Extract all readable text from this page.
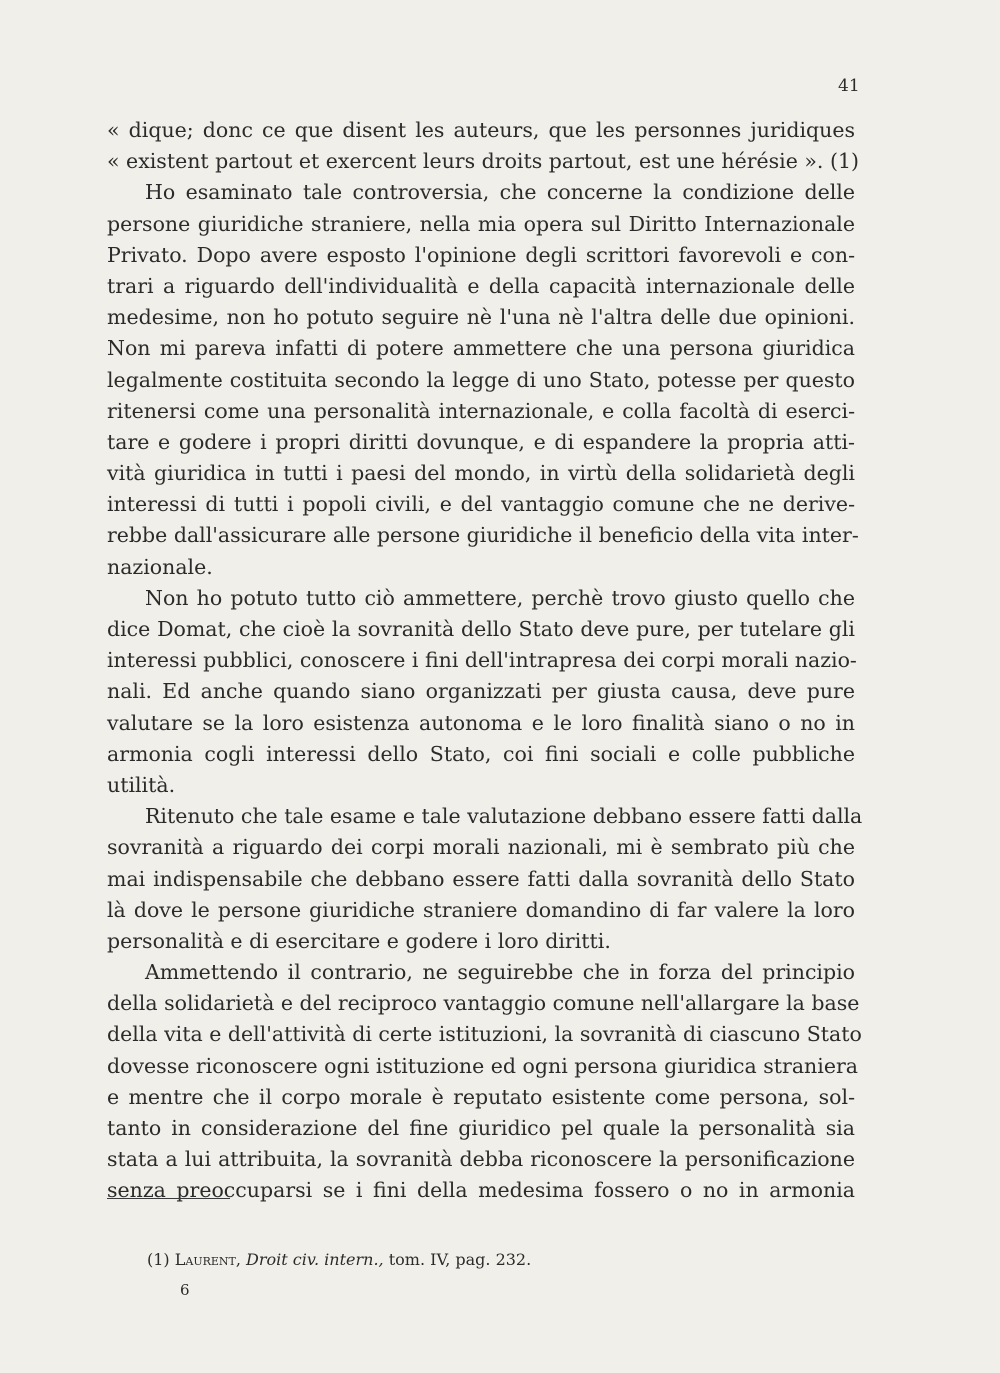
41
« dique; donc ce que disent les auteurs, que les personnes juridiques
« existent partout et exercent leurs droits partout, est une hérésie ». (1)
Ho esaminato tale controversia, che concerne la condizione delle
persone giuridiche straniere, nella mia opera sul Diritto Internazionale
Privato. Dopo avere esposto l'opinione degli scrittori favorevoli e con-
trari a riguardo dell'individualità e della capacità internazionale delle
medesime, non ho potuto seguire nè l'una nè l'altra delle due opinioni.
Non mi pareva infatti di potere ammettere che una persona giuridica
legalmente costituita secondo la legge di uno Stato, potesse per questo
ritenersi come una personalità internazionale, e colla facoltà di eserci-
tare e godere i propri diritti dovunque, e di espandere la propria atti-
vità giuridica in tutti i paesi del mondo, in virtù della solidarietà degli
interessi di tutti i popoli civili, e del vantaggio comune che ne derive-
rebbe dall'assicurare alle persone giuridiche il beneficio della vita inter-
nazionale.
Non ho potuto tutto ciò ammettere, perchè trovo giusto quello che
dice Domat, che cioè la sovranità dello Stato deve pure, per tutelare gli
interessi pubblici, conoscere i fini dell'intrapresa dei corpi morali nazio-
nali. Ed anche quando siano organizzati per giusta causa, deve pure
valutare se la loro esistenza autonoma e le loro finalità siano o no in
armonia cogli interessi dello Stato, coi fini sociali e colle pubbliche
utilità.
Ritenuto che tale esame e tale valutazione debbano essere fatti dalla
sovranità a riguardo dei corpi morali nazionali, mi è sembrato più che
mai indispensabile che debbano essere fatti dalla sovranità dello Stato
là dove le persone giuridiche straniere domandino di far valere la loro
personalità e di esercitare e godere i loro diritti.
Ammettendo il contrario, ne seguirebbe che in forza del principio
della solidarietà e del reciproco vantaggio comune nell'allargare la base
della vita e dell'attività di certe istituzioni, la sovranità di ciascuno Stato
dovesse riconoscere ogni istituzione ed ogni persona giuridica straniera
e mentre che il corpo morale è reputato esistente come persona, sol-
tanto in considerazione del fine giuridico pel quale la personalità sia
stata a lui attribuita, la sovranità debba riconoscere la personificazione
senza preoccuparsi se i fini della medesima fossero o no in armonia
(1) Laurent, Droit civ. intern., tom. IV, pag. 232.
6
